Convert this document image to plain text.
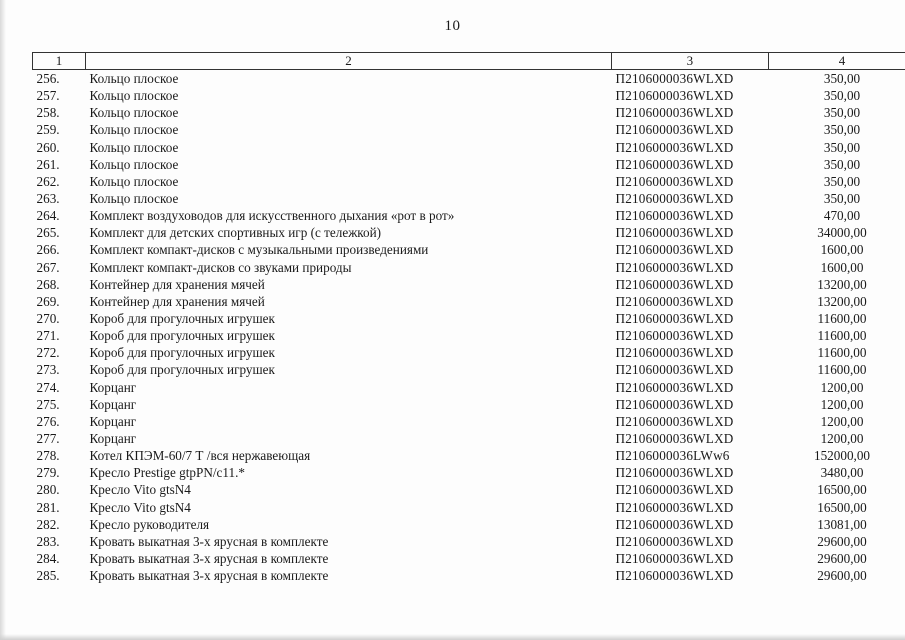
10
1	2	3	4
256.	Кольцо плоское	П2106000036WLXD	350,00
257.	Кольцо плоское	П2106000036WLXD	350,00
258.	Кольцо плоское	П2106000036WLXD	350,00
259.	Кольцо плоское	П2106000036WLXD	350,00
260.	Кольцо плоское	П2106000036WLXD	350,00
261.	Кольцо плоское	П2106000036WLXD	350,00
262.	Кольцо плоское	П2106000036WLXD	350,00
263.	Кольцо плоское	П2106000036WLXD	350,00
264.	Комплект воздуховодов для искусственного дыхания «рот в рот»	П2106000036WLXD	470,00
265.	Комплект для детских спортивных игр (с тележкой)	П2106000036WLXD	34000,00
266.	Комплект компакт-дисков с музыкальными произведениями	П2106000036WLXD	1600,00
267.	Комплект компакт-дисков со звуками природы	П2106000036WLXD	1600,00
268.	Контейнер для хранения мячей	П2106000036WLXD	13200,00
269.	Контейнер для хранения мячей	П2106000036WLXD	13200,00
270.	Короб для прогулочных игрушек	П2106000036WLXD	11600,00
271.	Короб для прогулочных игрушек	П2106000036WLXD	11600,00
272.	Короб для прогулочных игрушек	П2106000036WLXD	11600,00
273.	Короб для прогулочных игрушек	П2106000036WLXD	11600,00
274.	Корцанг	П2106000036WLXD	1200,00
275.	Корцанг	П2106000036WLXD	1200,00
276.	Корцанг	П2106000036WLXD	1200,00
277.	Корцанг	П2106000036WLXD	1200,00
278.	Котел КПЭМ-60/7 Т /вся нержавеющая	П2106000036LWw6	152000,00
279.	Кресло Prestige gtpPN/c11.*	П2106000036WLXD	3480,00
280.	Кресло Vito gtsN4	П2106000036WLXD	16500,00
281.	Кресло Vito gtsN4	П2106000036WLXD	16500,00
282.	Кресло руководителя	П2106000036WLXD	13081,00
283.	Кровать выкатная 3-х ярусная в комплекте	П2106000036WLXD	29600,00
284.	Кровать выкатная 3-х ярусная в комплекте	П2106000036WLXD	29600,00
285.	Кровать выкатная 3-х ярусная в комплекте	П2106000036WLXD	29600,00
